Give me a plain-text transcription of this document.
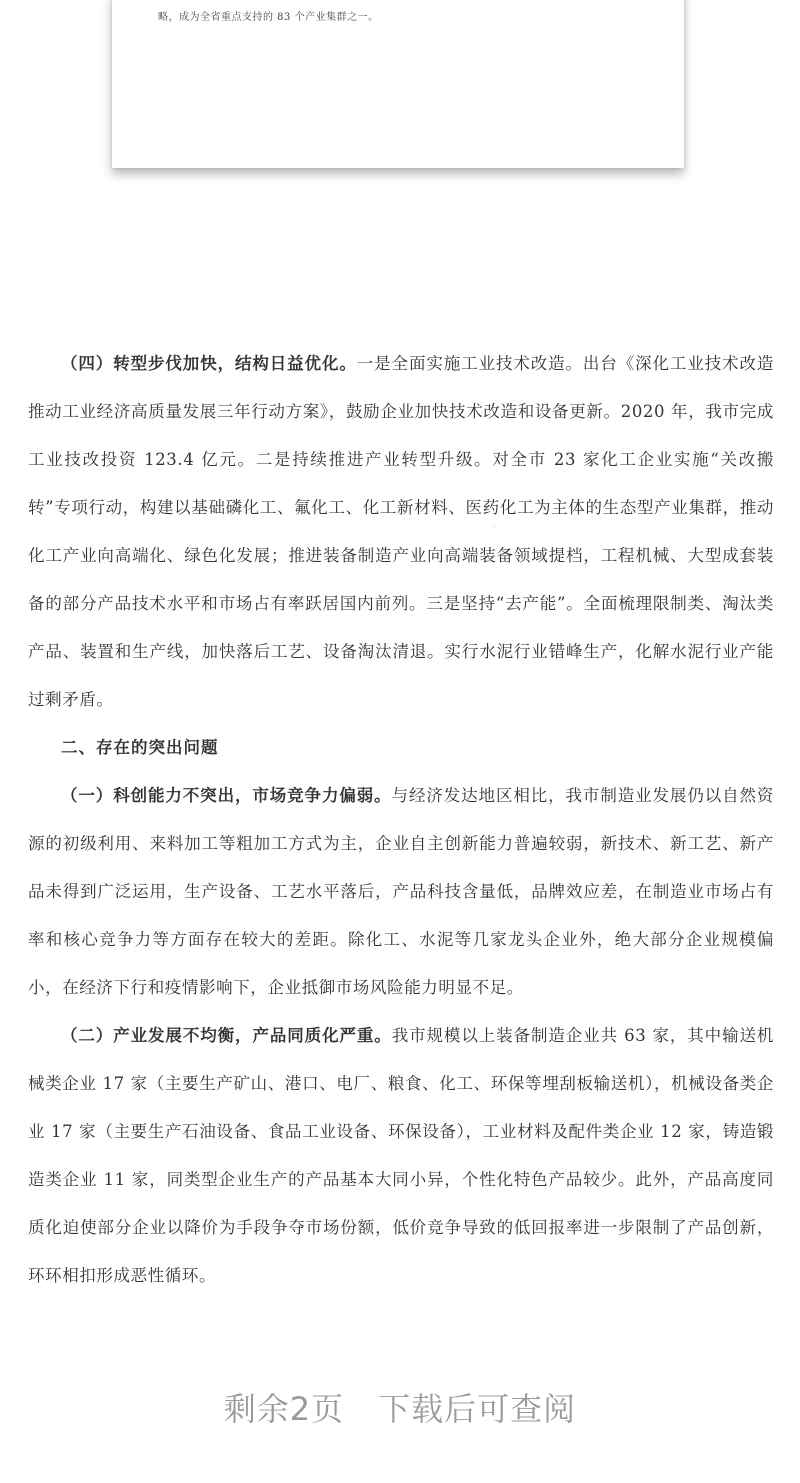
略，成为全省重点支持的 83 个产业集群之一。

（四）转型步伐加快，结构日益优化。一是全面实施工业技术改造。出台《深化工业技术改造推动工业经济高质量发展三年行动方案》，鼓励企业加快技术改造和设备更新。2020 年，我市完成工业技改投资 123.4 亿元。二是持续推进产业转型升级。对全市 23 家化工企业实施“关改搬转”专项行动，构建以基础磷化工、氟化工、化工新材料、医药化工为主体的生态型产业集群，推动化工产业向高端化、绿色化发展；推进装备制造产业向高端装备领域提档，工程机械、大型成套装备的部分产品技术水平和市场占有率跃居国内前列。三是坚持“去产能”。全面梳理限制类、淘汰类产品、装置和生产线，加快落后工艺、设备淘汰清退。实行水泥行业错峰生产，化解水泥行业产能过剩矛盾。

二、存在的突出问题

（一）科创能力不突出，市场竞争力偏弱。与经济发达地区相比，我市制造业发展仍以自然资源的初级利用、来料加工等粗加工方式为主，企业自主创新能力普遍较弱，新技术、新工艺、新产品未得到广泛运用，生产设备、工艺水平落后，产品科技含量低，品牌效应差，在制造业市场占有率和核心竞争力等方面存在较大的差距。除化工、水泥等几家龙头企业外，绝大部分企业规模偏小，在经济下行和疫情影响下，企业抵御市场风险能力明显不足。

（二）产业发展不均衡，产品同质化严重。我市规模以上装备制造企业共 63 家，其中输送机械类企业 17 家（主要生产矿山、港口、电厂、粮食、化工、环保等埋刮板输送机），机械设备类企业 17 家（主要生产石油设备、食品工业设备、环保设备），工业材料及配件类企业 12 家，铸造锻造类企业 11 家，同类型企业生产的产品基本大同小异，个性化特色产品较少。此外，产品高度同质化迫使部分企业以降价为手段争夺市场份额，低价竞争导致的低回报率进一步限制了产品创新，环环相扣形成恶性循环。

剩余2页 下载后可查阅
